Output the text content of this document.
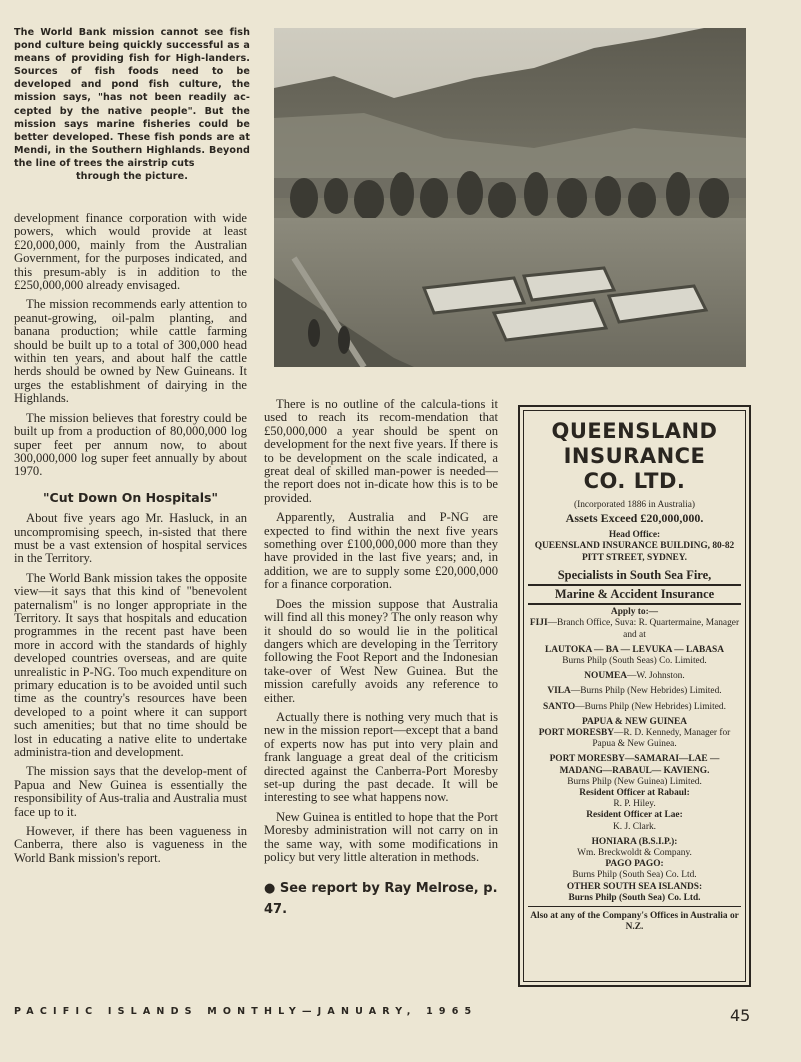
The World Bank mission cannot see fish pond culture being quickly successful as a means of providing fish for High-landers. Sources of fish foods need to be developed and pond fish culture, the mission says, "has not been readily ac-cepted by the native people". But the mission says marine fisheries could be better developed. These fish ponds are at Mendi, in the Southern Highlands. Beyond the line of trees the airstrip cuts
through the picture.

development finance corporation with wide powers, which would provide at least £20,000,000, mainly from the Australian Government, for the purposes indicated, and this presum-ably is in addition to the £250,000,000 already envisaged.

The mission recommends early attention to peanut-growing, oil-palm planting, and banana production; while cattle farming should be built up to a total of 300,000 head within ten years, and about half the cattle herds should be owned by New Guineans. It urges the establishment of dairying in the Highlands.

The mission believes that forestry could be built up from a production of 80,000,000 log super feet per annum now, to about 300,000,000 log super feet annually by about 1970.

"Cut Down On Hospitals"

About five years ago Mr. Hasluck, in an uncompromising speech, in-sisted that there must be a vast extension of hospital services in the Territory.

The World Bank mission takes the opposite view—it says that this kind of "benevolent paternalism" is no longer appropriate in the Territory. It says that hospitals and education programmes in the recent past have been more in accord with the standards of highly developed countries overseas, and are quite unrealistic in P-NG. Too much expenditure on primary education is to be avoided until such time as the country's resources have been developed to a point where it can support such amenities; but that no time should be lost in educating a native elite to undertake administra-tion and development.

The mission says that the develop-ment of Papua and New Guinea is essentially the responsibility of Aus-tralia and Australia must face up to it.

However, if there has been vagueness in Canberra, there also is vagueness in the World Bank mission's report.

There is no outline of the calcula-tions it used to reach its recom-mendation that £50,000,000 a year should be spent on development for the next five years. If there is to be development on the scale indicated, a great deal of skilled man-power is needed—the report does not in-dicate how this is to be provided.

Apparently, Australia and P-NG are expected to find within the next five years something over £100,000,000 more than they have provided in the last five years; and, in addition, we are to supply some £20,000,000 for a finance corporation.

Does the mission suppose that Australia will find all this money? The only reason why it should do so would lie in the political dangers which are developing in the Territory following the Foot Report and the Indonesian take-over of West New Guinea. But the mission carefully avoids any reference to either.

Actually there is nothing very much that is new in the mission report—except that a band of experts now has put into very plain and frank language a great deal of the criticism directed against the Canberra-Port Moresby set-up during the past decade. It will be interesting to see what happens now.

New Guinea is entitled to hope that the Port Moresby administration will not carry on in the same way, with some modifications in policy but very little alteration in methods.

● See report by Ray Melrose, p. 47.
QUEENSLAND
INSURANCE
CO. LTD.
(Incorporated 1886 in Australia)
Assets Exceed £20,000,000.
Head Office:
QUEENSLAND INSURANCE BUILDING, 80-82 PITT STREET, SYDNEY.
Specialists in South Sea Fire,
Marine & Accident Insurance
Apply to:—
FIJI—Branch Office, Suva: R. Quartermaine, Manager and at
LAUTOKA — BA — LEVUKA — LABASA
Burns Philp (South Seas) Co. Limited.
NOUMEA—W. Johnston.
VILA—Burns Philp (New Hebrides) Limited.
SANTO—Burns Philp (New Hebrides) Limited.
PAPUA & NEW GUINEA
PORT MORESBY—R. D. Kennedy, Manager for Papua & New Guinea.
PORT MORESBY—SAMARAI—LAE —MADANG—RABAUL— KAVIENG.
Burns Philp (New Guinea) Limited.
Resident Officer at Rabaul:
R. P. Hiley.
Resident Officer at Lae:
K. J. Clark.
HONIARA (B.S.I.P.):
Wm. Breckwoldt & Company.
PAGO PAGO:
Burns Philp (South Sea) Co. Ltd.
OTHER SOUTH SEA ISLANDS:
Burns Philp (South Sea) Co. Ltd.
Also at any of the Company's Offices in Australia or N.Z.
PACIFIC ISLANDS MONTHLY—JANUARY, 1965	45
